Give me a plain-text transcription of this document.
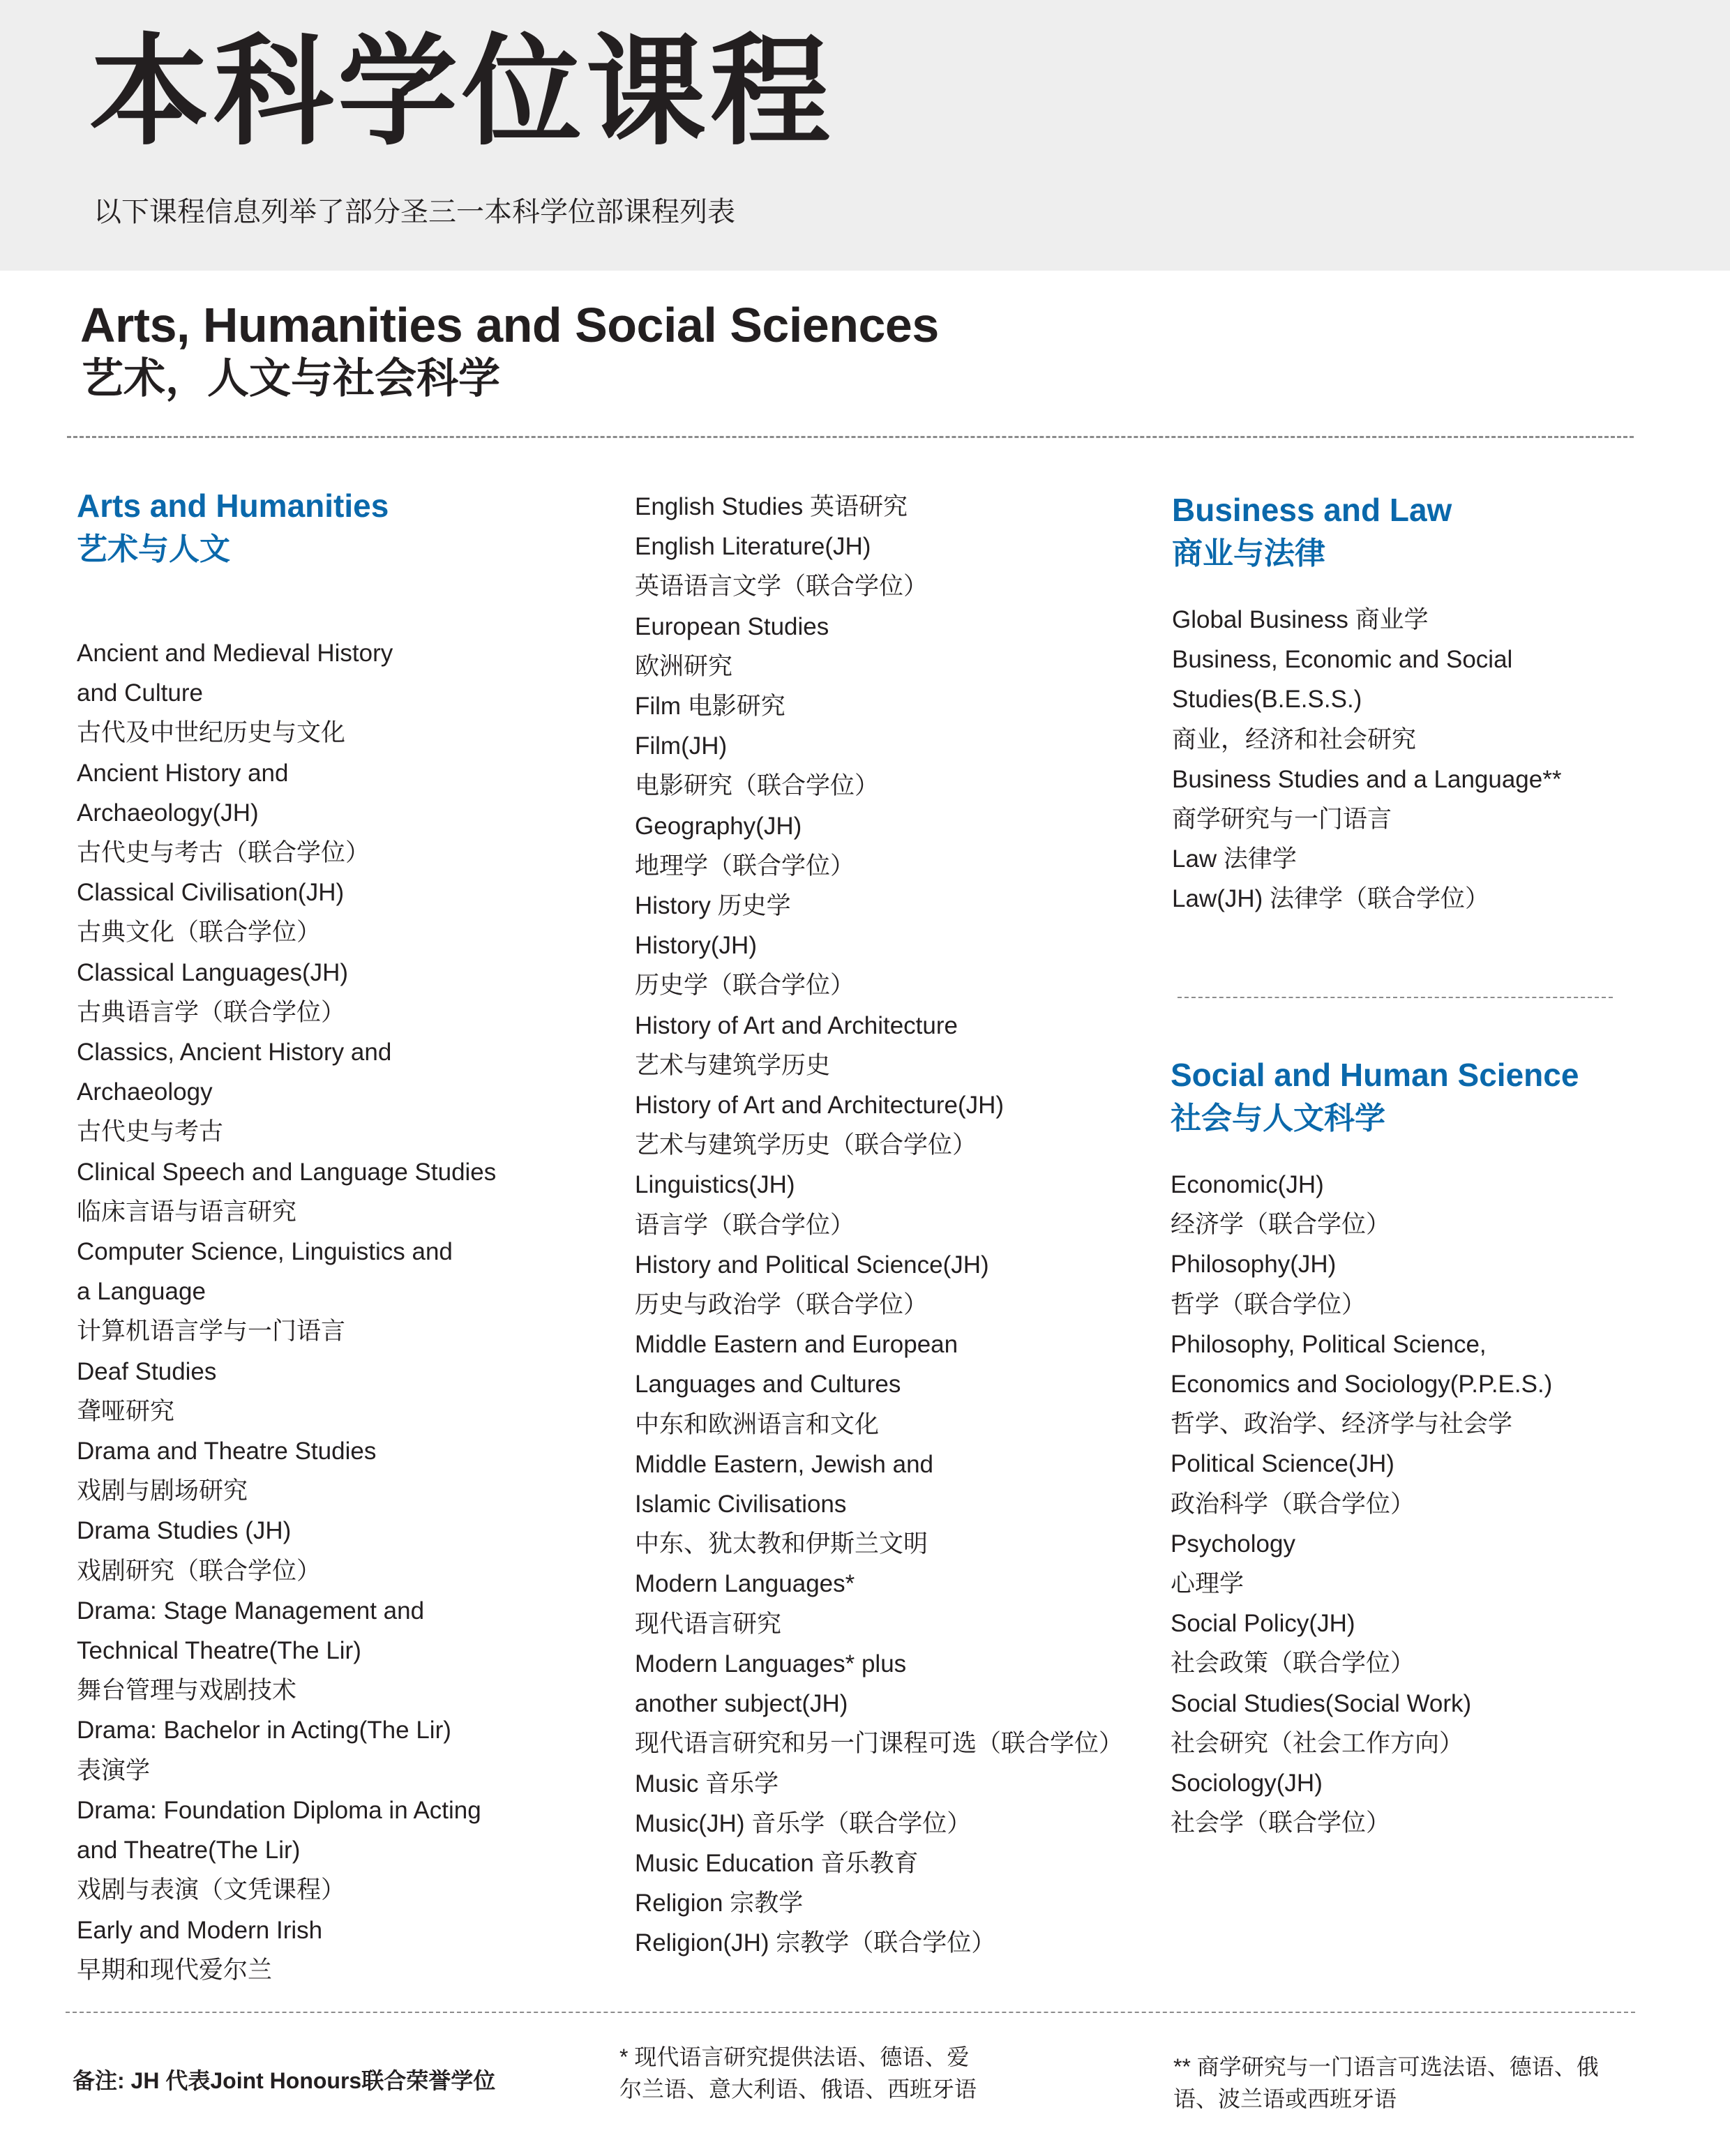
本科学位课程

以下课程信息列举了部分圣三一本科学位部课程列表

Arts, Humanities and Social Sciences
艺术，人文与社会科学
Arts and Humanities
艺术与人文
Ancient and Medieval History
and Culture
古代及中世纪历史与文化
Ancient History and
Archaeology(JH)
古代史与考古（联合学位）
Classical Civilisation(JH)
古典文化（联合学位）
Classical Languages(JH)
古典语言学（联合学位）
Classics, Ancient History and
Archaeology
古代史与考古
Clinical Speech and Language Studies
临床言语与语言研究
Computer Science, Linguistics and
a Language
计算机语言学与一门语言
Deaf Studies
聋哑研究
Drama and Theatre Studies
戏剧与剧场研究
Drama Studies (JH)
戏剧研究（联合学位）
Drama: Stage Management and
Technical Theatre(The Lir)
舞台管理与戏剧技术
Drama: Bachelor in Acting(The Lir)
表演学
Drama: Foundation Diploma in Acting
and Theatre(The Lir)
戏剧与表演（文凭课程）
Early and Modern Irish
早期和现代爱尔兰
English Studies 英语研究
English Literature(JH)
英语语言文学（联合学位）
European Studies
欧洲研究
Film 电影研究
Film(JH)
电影研究（联合学位）
Geography(JH)
地理学（联合学位）
History 历史学
History(JH)
历史学（联合学位）
History of Art and Architecture
艺术与建筑学历史
History of Art and Architecture(JH)
艺术与建筑学历史（联合学位）
Linguistics(JH)
语言学（联合学位）
History and Political Science(JH)
历史与政治学（联合学位）
Middle Eastern and European
Languages and Cultures
中东和欧洲语言和文化
Middle Eastern, Jewish and
Islamic Civilisations
中东、犹太教和伊斯兰文明
Modern Languages*
现代语言研究
Modern Languages* plus
another subject(JH)
现代语言研究和另一门课程可选（联合学位）
Music 音乐学
Music(JH) 音乐学（联合学位）
Music Education 音乐教育
Religion 宗教学
Religion(JH) 宗教学（联合学位）
Business and Law
商业与法律
Global Business 商业学
Business, Economic and Social
Studies(B.E.S.S.)
商业，经济和社会研究
Business Studies and a Language**
商学研究与一门语言
Law 法律学
Law(JH) 法律学（联合学位）
Social and Human Science
社会与人文科学
Economic(JH)
经济学（联合学位）
Philosophy(JH)
哲学（联合学位）
Philosophy, Political Science,
Economics and Sociology(P.P.E.S.)
哲学、政治学、经济学与社会学
Political Science(JH)
政治科学（联合学位）
Psychology
心理学
Social Policy(JH)
社会政策（联合学位）
Social Studies(Social Work)
社会研究（社会工作方向）
Sociology(JH)
社会学（联合学位）

备注: JH 代表Joint Honours联合荣誉学位

* 现代语言研究提供法语、德语、爱尔兰语、意大利语、俄语、西班牙语

** 商学研究与一门语言可选法语、德语、俄语、波兰语或西班牙语
